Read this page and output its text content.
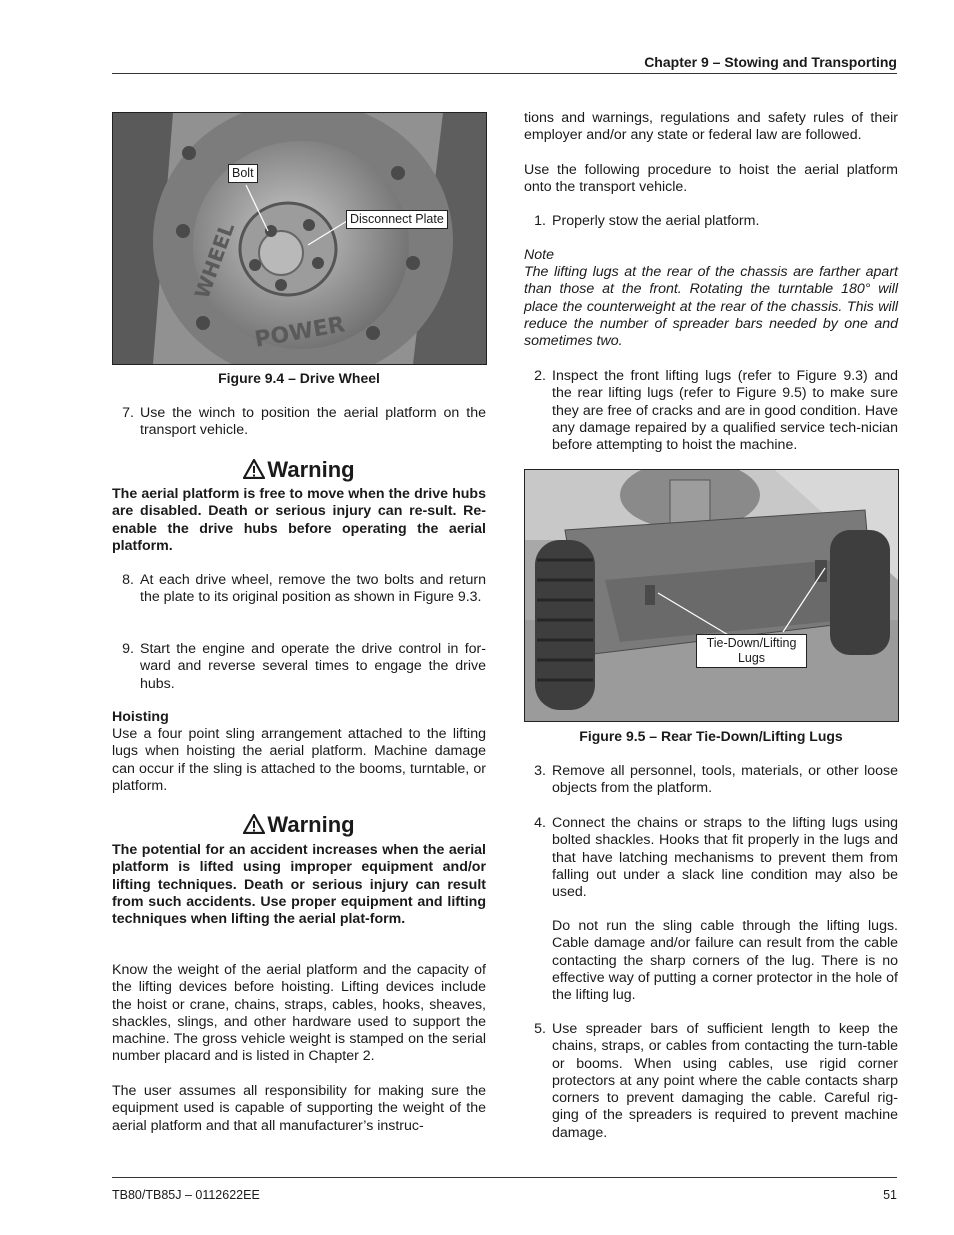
Chapter 9 – Stowing and Transporting
TB80/TB85J – 0112622EE	51
POWER
WHEEL
Bolt
Disconnect Plate
Figure 9.4 – Drive Wheel
7. Use the winch to position the aerial platform on the transport vehicle.
Warning

The aerial platform is free to move when the drive hubs are disabled. Death or serious injury can re-sult. Re-enable the drive hubs before operating the aerial platform.

8. At each drive wheel, remove the two bolts and return the plate to its original position as shown in Figure 9.3.
9. Start the engine and operate the drive control in for-ward and reverse several times to engage the drive hubs.
Hoisting

Use a four point sling arrangement attached to the lifting lugs when hoisting the aerial platform. Machine damage can occur if the sling is attached to the booms, turntable, or platform.

Warning

The potential for an accident increases when the aerial platform is lifted using improper equipment and/or lifting techniques. Death or serious injury can result from such accidents. Use proper equipment and lifting techniques when lifting the aerial plat-form.

Know the weight of the aerial platform and the capacity of the lifting devices before hoisting. Lifting devices include the hoist or crane, chains, straps, cables, hooks, sheaves, shackles, slings, and other hardware used to support the machine. The gross vehicle weight is stamped on the serial number placard and is listed in Chapter 2.

The user assumes all responsibility for making sure the equipment used is capable of supporting the weight of the aerial platform and that all manufacturer’s instruc-

tions and warnings, regulations and safety rules of their employer and/or any state or federal law are followed.

Use the following procedure to hoist the aerial platform onto the transport vehicle.

1. Properly stow the aerial platform.

Note

The lifting lugs at the rear of the chassis are farther apart than those at the front. Rotating the turntable 180° will place the counterweight at the rear of the chassis. This will reduce the number of spreader bars needed by one and sometimes two.

2. Inspect the front lifting lugs (refer to Figure 9.3) and the rear lifting lugs (refer to Figure 9.5) to make sure they are free of cracks and are in good condition. Have any damage repaired by a qualified service tech-nician before attempting to hoist the machine.
Tie-Down/Lifting Lugs
Figure 9.5 – Rear Tie-Down/Lifting Lugs
3. Remove all personnel, tools, materials, or other loose objects from the platform.
4. Connect the chains or straps to the lifting lugs using bolted shackles. Hooks that fit properly in the lugs and that have latching mechanisms to prevent them from falling out under a slack line condition may also be used.

Do not run the sling cable through the lifting lugs. Cable damage and/or failure can result from the cable contacting the sharp corners of the lug. There is no effective way of putting a corner protector in the hole of the lifting lug.

5. Use spreader bars of sufficient length to keep the chains, straps, or cables from contacting the turn-table or booms. When using cables, use rigid corner protectors at any point where the cable contacts sharp corners to prevent damaging the cable. Careful rig-ging of the spreaders is required to prevent machine damage.
